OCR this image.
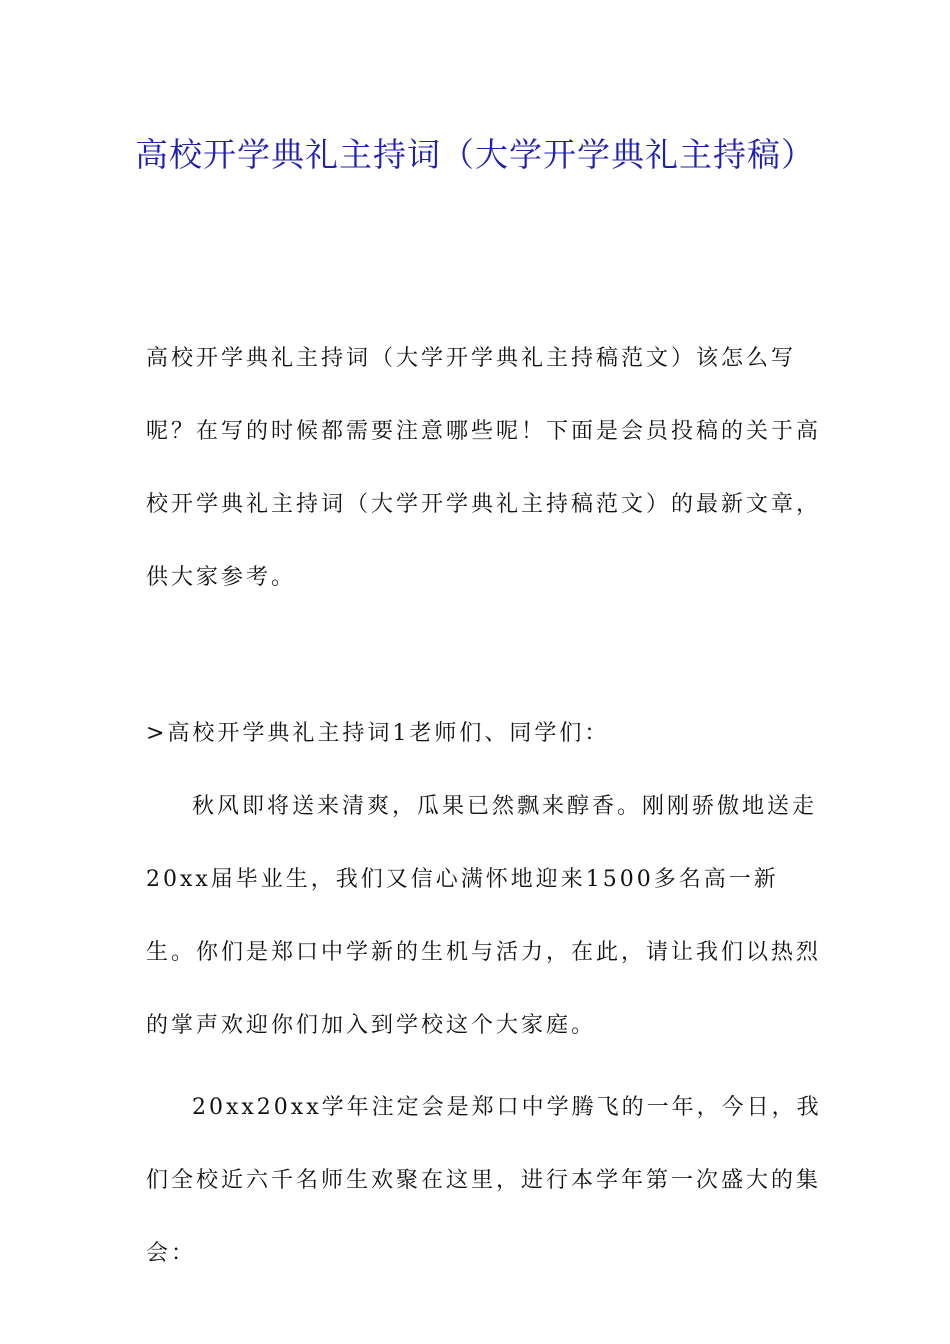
高校开学典礼主持词（大学开学典礼主持稿）

高校开学典礼主持词（大学开学典礼主持稿范文）该怎么写呢？在写的时候都需要注意哪些呢！下面是会员投稿的关于高校开学典礼主持词（大学开学典礼主持稿范文）的最新文章，供大家参考。

>高校开学典礼主持词1老师们、同学们：

秋风即将送来清爽，瓜果已然飘来醇香。刚刚骄傲地送走20xx届毕业生，我们又信心满怀地迎来1500多名高一新生。你们是郑口中学新的生机与活力，在此，请让我们以热烈的掌声欢迎你们加入到学校这个大家庭。

20xx20xx学年注定会是郑口中学腾飞的一年，今日，我们全校近六千名师生欢聚在这里，进行本学年第一次盛大的集会：
